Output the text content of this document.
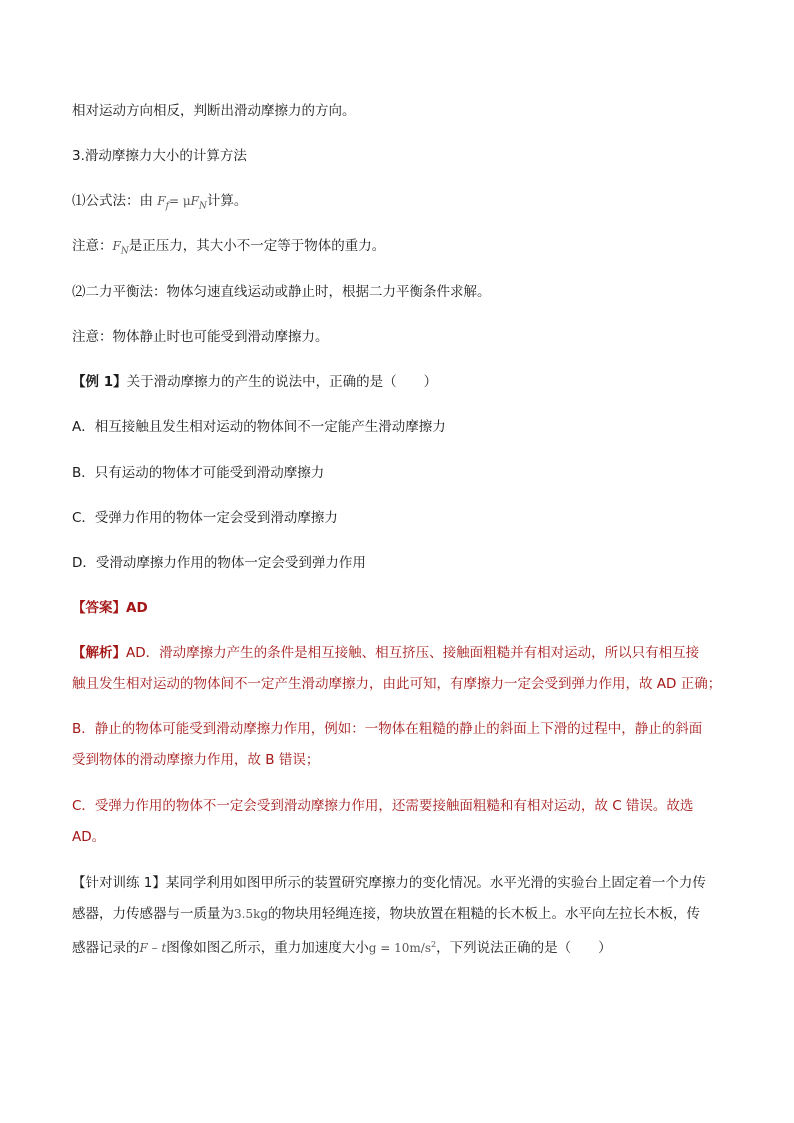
相对运动方向相反，判断出滑动摩擦力的方向。
3.滑动摩擦力大小的计算方法
⑴公式法：由 $F_f= \mu F_N$计算。
注意：$F_N$是正压力，其大小不一定等于物体的重力。
⑵二力平衡法：物体匀速直线运动或静止时，根据二力平衡条件求解。
注意：物体静止时也可能受到滑动摩擦力。
【例 1】关于滑动摩擦力的产生的说法中，正确的是（　　）
A．相互接触且发生相对运动的物体间不一定能产生滑动摩擦力
B．只有运动的物体才可能受到滑动摩擦力
C．受弹力作用的物体一定会受到滑动摩擦力
D．受滑动摩擦力作用的物体一定会受到弹力作用
【答案】AD
【解析】AD．滑动摩擦力产生的条件是相互接触、相互挤压、接触面粗糙并有相对运动，所以只有相互接
触且发生相对运动的物体间不一定产生滑动摩擦力，由此可知，有摩擦力一定会受到弹力作用，故 AD 正确；
B．静止的物体可能受到滑动摩擦力作用，例如：一物体在粗糙的静止的斜面上下滑的过程中，静止的斜面
受到物体的滑动摩擦力作用，故 B 错误；
C．受弹力作用的物体不一定会受到滑动摩擦力作用，还需要接触面粗糙和有相对运动，故 C 错误。故选
AD。
【针对训练 1】某同学利用如图甲所示的装置研究摩擦力的变化情况。水平光滑的实验台上固定着一个力传
感器，力传感器与一质量为3.5kg的物块用轻绳连接，物块放置在粗糙的长木板上。水平向左拉长木板，传
感器记录的F – t图像如图乙所示，重力加速度大小$g = 10m/s^2$，下列说法正确的是（　　）
